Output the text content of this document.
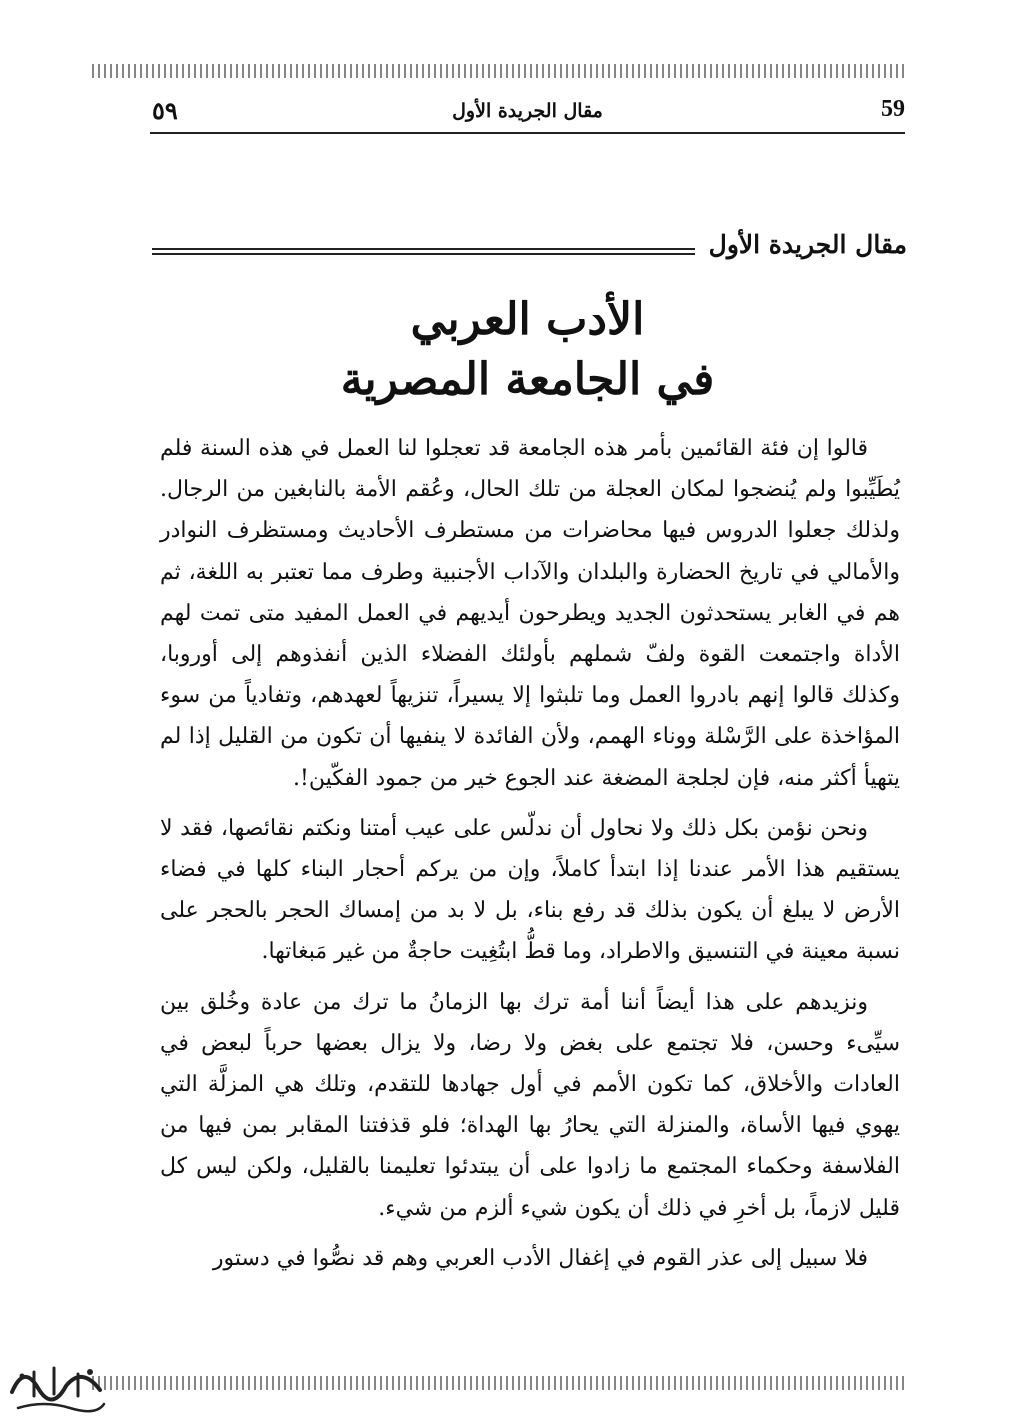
59
مقال الجريدة الأول
٥٩
مقال الجريدة الأول
الأدب العربي
في الجامعة المصرية

قالوا إن فئة القائمين بأمر هذه الجامعة قد تعجلوا لنا العمل في هذه السنة فلم يُطَيِّبوا ولم يُنضجوا لمكان العجلة من تلك الحال، وعُقم الأمة بالنابغين من الرجال. ولذلك جعلوا الدروس فيها محاضرات من مستطرف الأحاديث ومستظرف النوادر والأمالي في تاريخ الحضارة والبلدان والآداب الأجنبية وطرف مما تعتبر به اللغة، ثم هم في الغابر يستحدثون الجديد ويطرحون أيديهم في العمل المفيد متى تمت لهم الأداة واجتمعت القوة ولفّ شملهم بأولئك الفضلاء الذين أنفذوهم إلى أوروبا، وكذلك قالوا إنهم بادروا العمل وما تلبثوا إلا يسيراً، تنزيهاً لعهدهم، وتفادياً من سوء المؤاخذة على الرَّسْلة ووناء الهمم، ولأن الفائدة لا ينفيها أن تكون من القليل إذا لم يتهيأ أكثر منه، فإن لجلجة المضغة عند الجوع خير من جمود الفكّين!.

ونحن نؤمن بكل ذلك ولا نحاول أن ندلّس على عيب أمتنا ونكتم نقائصها، فقد لا يستقيم هذا الأمر عندنا إذا ابتدأ كاملاً، وإن من يركم أحجار البناء كلها في فضاء الأرض لا يبلغ أن يكون بذلك قد رفع بناء، بل لا بد من إمساك الحجر بالحجر على نسبة معينة في التنسيق والاطراد، وما قطُّ ابتُغِيت حاجةٌ من غير مَبغاتها.

ونزيدهم على هذا أيضاً أننا أمة ترك بها الزمانُ ما ترك من عادة وخُلق بين سيِّىء وحسن، فلا تجتمع على بغض ولا رضا، ولا يزال بعضها حرباً لبعض في العادات والأخلاق، كما تكون الأمم في أول جهادها للتقدم، وتلك هي المزلَّة التي يهوي فيها الأساة، والمنزلة التي يحارُ بها الهداة؛ فلو قذفتنا المقابر بمن فيها من الفلاسفة وحكماء المجتمع ما زادوا على أن يبتدئوا تعليمنا بالقليل، ولكن ليس كل قليل لازماً، بل أخرِ في ذلك أن يكون شيء ألزم من شيء.

فلا سبيل إلى عذر القوم في إغفال الأدب العربي وهم قد نصُّوا في دستور
